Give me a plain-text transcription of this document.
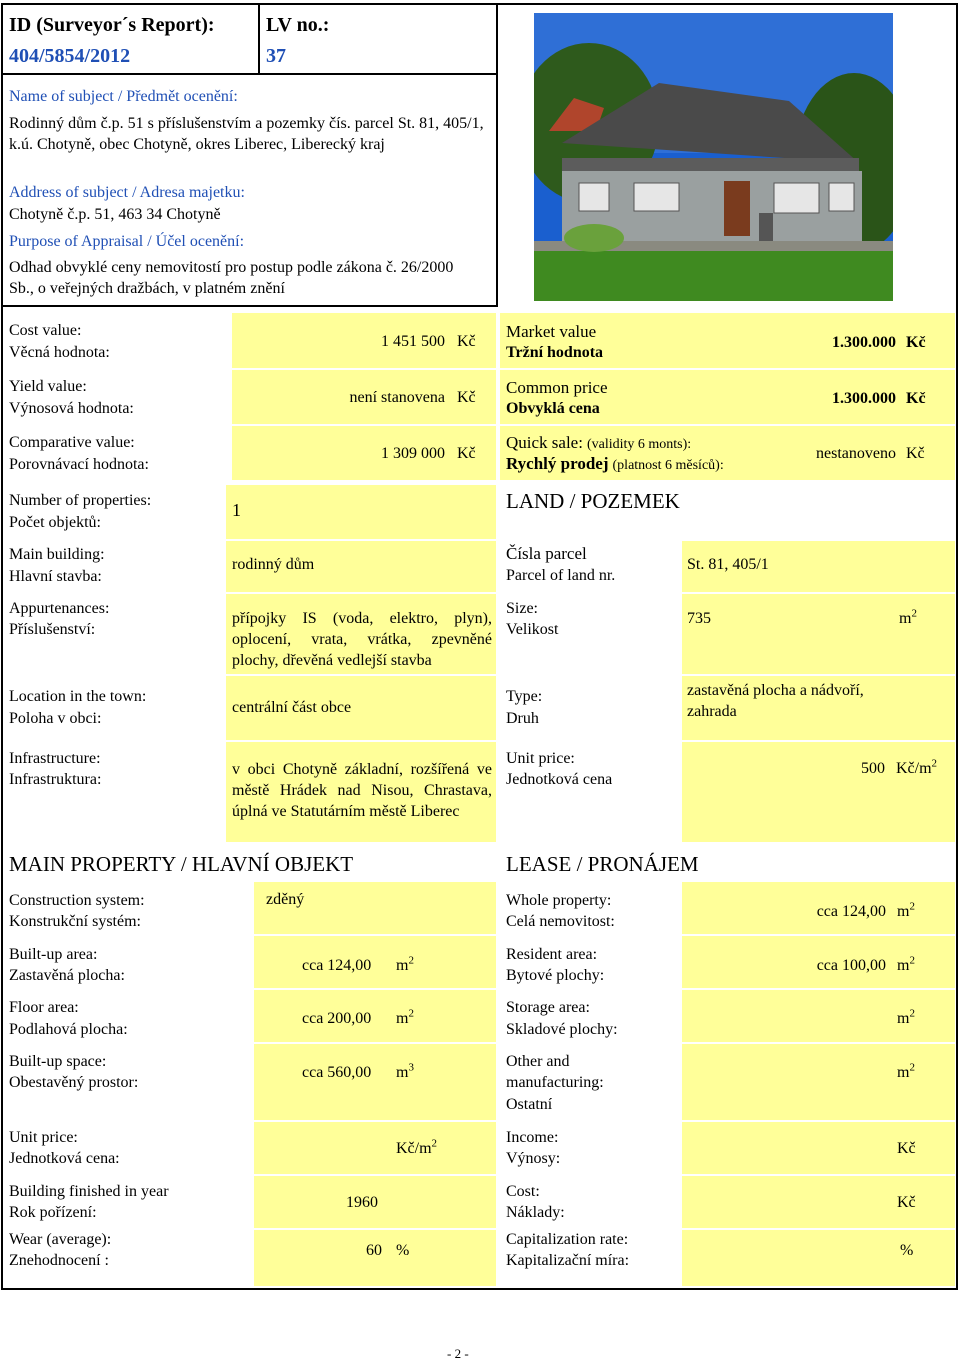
ID (Surveyor´s Report):
404/5854/2012
LV no.:
37
Name of subject / Předmět ocenění:
Rodinný dům č.p. 51 s příslušenstvím a pozemky čís. parcel St. 81, 405/1, k.ú. Chotyně, obec Chotyně, okres Liberec, Liberecký kraj
Address of subject / Adresa majetku:
Chotyně č.p. 51, 463 34 Chotyně
Purpose of Appraisal / Účel ocenění:
Odhad obvyklé ceny nemovitostí pro postup podle zákona č. 26/2000 Sb., o veřejných dražbách, v platném znění
Cost value:
Věcná hodnota:
1 451 500 Kč
Yield value:
Výnosová hodnota:
není stanovena Kč
Comparative value:
Porovnávací hodnota:
1 309 000 Kč
Market value
Tržní hodnota
1.300.000 Kč
Common price
Obvyklá cena
1.300.000 Kč
Quick sale: (validity 6 monts):
Rychlý prodej (platnost 6 měsíců):
nestanoveno Kč
Number of properties:
Počet objektů:
1
Main building:
Hlavní stavba:
rodinný dům
Appurtenances:
Příslušenství:
přípojky IS (voda, elektro, plyn), oplocení, vrata, vrátka, zpevněné plochy, dřevěná vedlejší stavba
Location in the town:
Poloha v obci:
centrální část obce
Infrastructure:
Infrastruktura:
v obci Chotyně základní, rozšířená ve městě Hrádek nad Nisou, Chrastava, úplná ve Statutárním městě Liberec
LAND / POZEMEK
Čísla parcel
Parcel of land nr.
St. 81, 405/1
Size:
Velikost
735	$m^2$
Type:
Druh
zastavěná plocha a nádvoří, zahrada
Unit price:
Jednotková cena
500 $Kč/m^2$
MAIN PROPERTY / HLAVNÍ OBJEKT
Construction system:
Konstrukční systém:
zděný
Built-up area:
Zastavěná plocha:
cca 124,00 $m^2$
Floor area:
Podlahová plocha:
cca 200,00 $m^2$
Built-up space:
Obestavěný prostor:
cca 560,00 $m^3$
Unit price:
Jednotková cena:
$Kč/m^2$
Building finished in year
Rok pořízení:
1960
Wear (average):
Znehodnocení :
60 %
LEASE / PRONÁJEM
Whole property:
Celá nemovitost:
cca 124,00 $m^2$
Resident area:
Bytové plochy:
cca 100,00 $m^2$
Storage area:
Skladové plochy:
$m^2$
Other and manufacturing:
Ostatní
$m^2$
Income:
Výnosy:
Kč
Cost:
Náklady:
Kč
Capitalization rate:
Kapitalizační míra:
%
- 2 -
